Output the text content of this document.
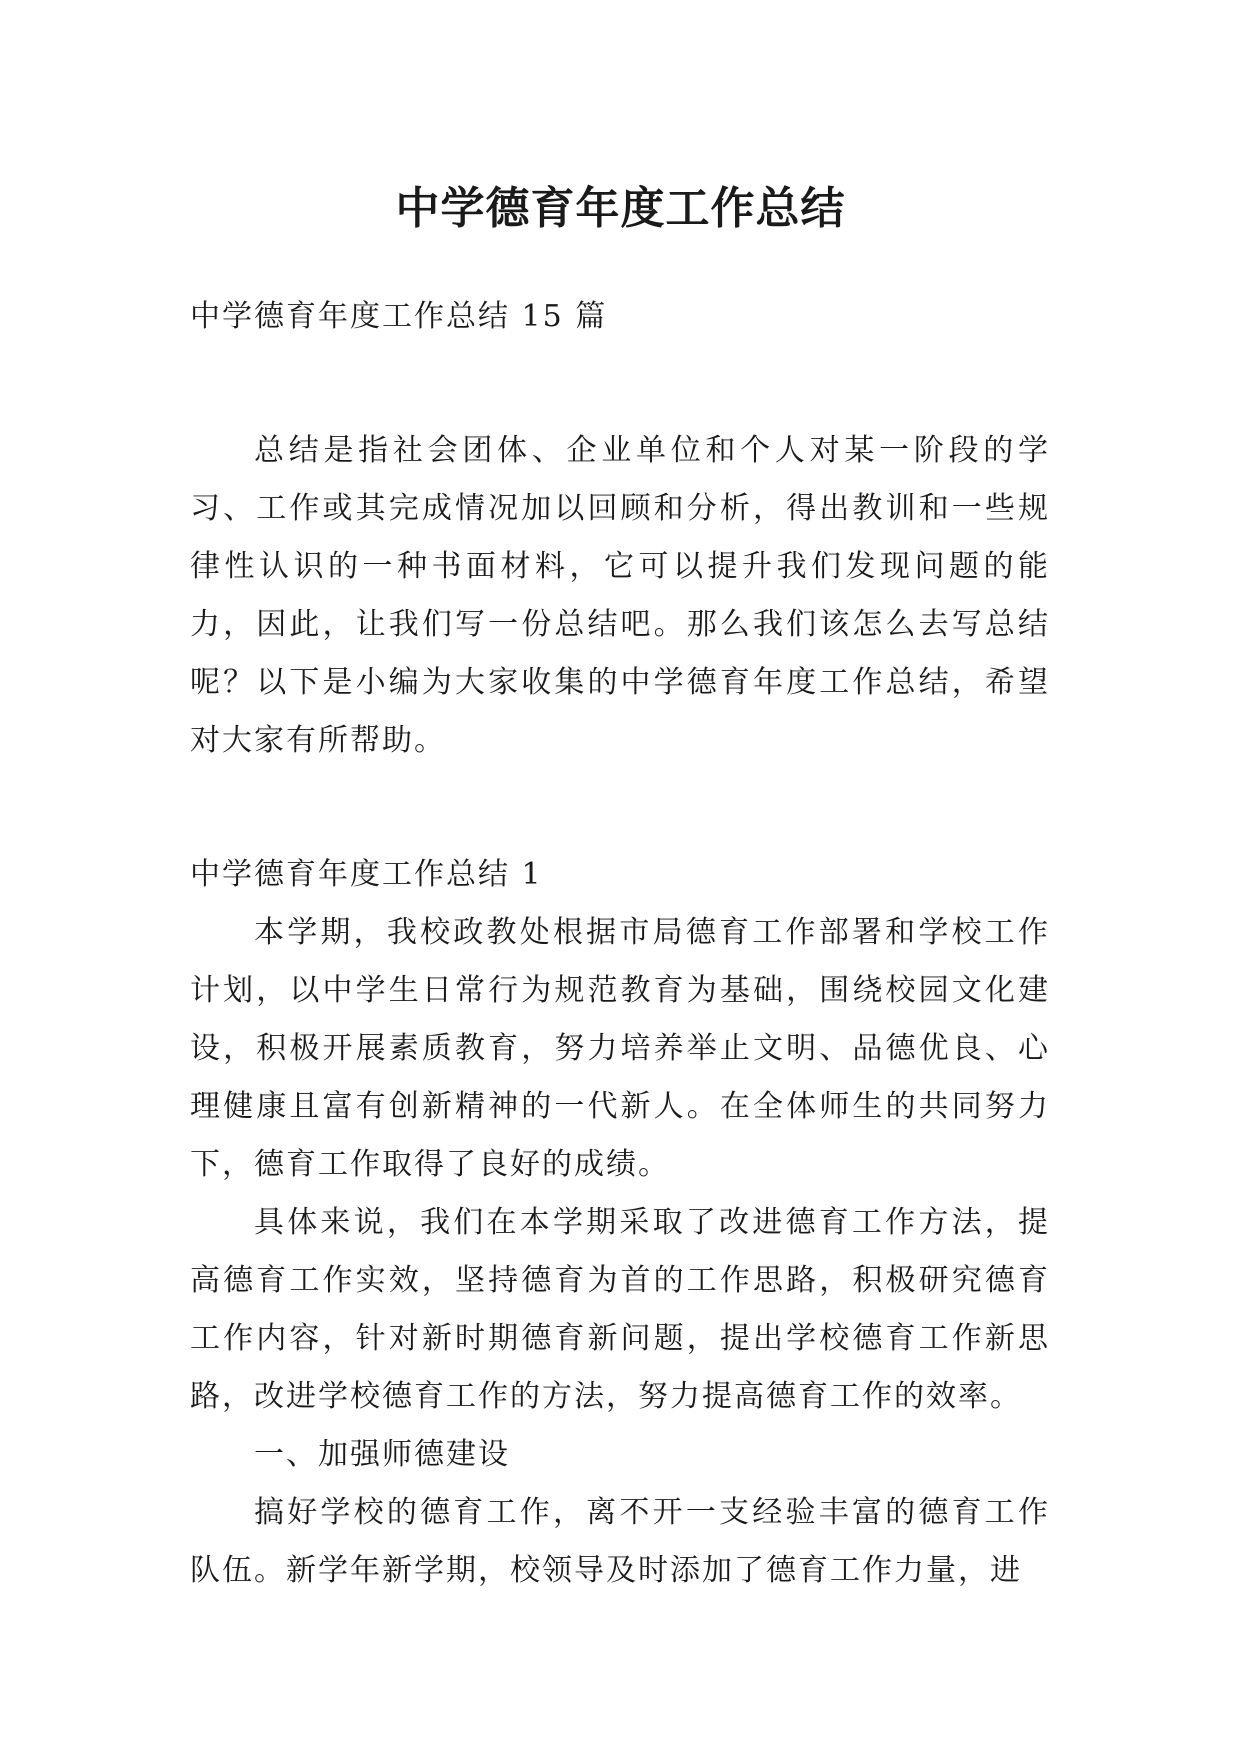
中学德育年度工作总结

中学德育年度工作总结 15 篇

总结是指社会团体、企业单位和个人对某一阶段的学习、工作或其完成情况加以回顾和分析，得出教训和一些规律性认识的一种书面材料，它可以提升我们发现问题的能力，因此，让我们写一份总结吧。那么我们该怎么去写总结呢？以下是小编为大家收集的中学德育年度工作总结，希望对大家有所帮助。

中学德育年度工作总结 1

本学期，我校政教处根据市局德育工作部署和学校工作计划，以中学生日常行为规范教育为基础，围绕校园文化建设，积极开展素质教育，努力培养举止文明、品德优良、心理健康且富有创新精神的一代新人。在全体师生的共同努力下，德育工作取得了良好的成绩。

具体来说，我们在本学期采取了改进德育工作方法，提高德育工作实效，坚持德育为首的工作思路，积极研究德育工作内容，针对新时期德育新问题，提出学校德育工作新思路，改进学校德育工作的方法，努力提高德育工作的效率。

一、加强师德建设

搞好学校的德育工作，离不开一支经验丰富的德育工作队伍。新学年新学期，校领导及时添加了德育工作力量，进
